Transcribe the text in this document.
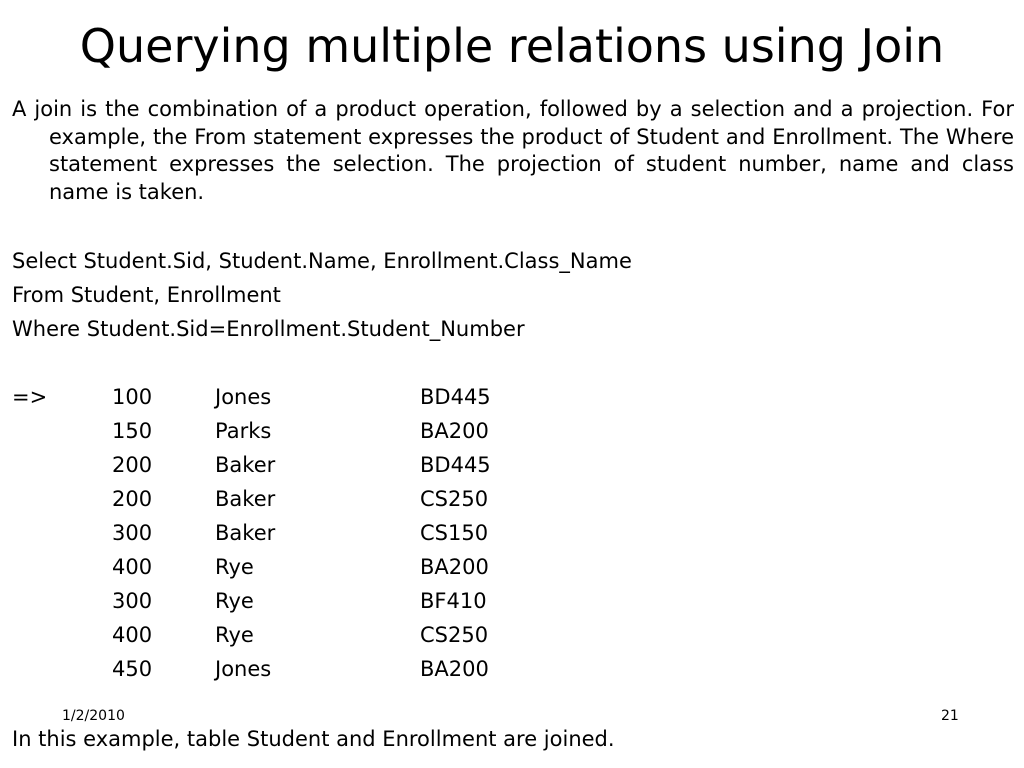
Querying multiple relations using Join

A join is the combination of a product operation, followed by a selection and a projection. For example, the From statement expresses the product of Student and Enrollment. The Where statement expresses the selection. The projection of student number, name and class name is taken.

Select Student.Sid, Student.Name, Enrollment.Class_Name

From Student, Enrollment

Where Student.Sid=Enrollment.Student_Number

=>	100	Jones	BD445
150	Parks	BA200
200	Baker	BD445
200	Baker	CS250
300	Baker	CS150
400	Rye	BA200
300	Rye	BF410
400	Rye	CS250
450	Jones	BA200
1/2/2010	21
In this example, table Student and Enrollment are joined.
